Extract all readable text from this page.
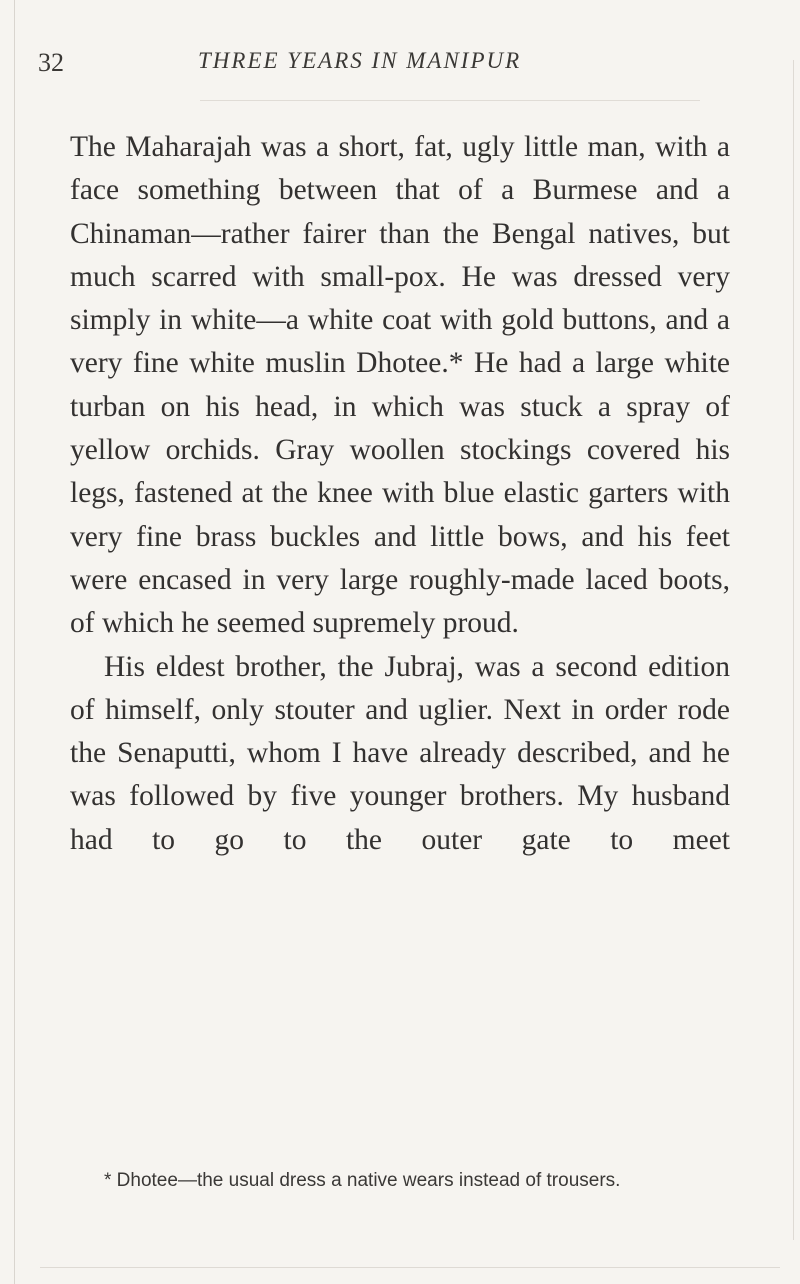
32	THREE YEARS IN MANIPUR

The Maharajah was a short, fat, ugly little man, with a face something between that of a Burmese and a Chinaman—rather fairer than the Bengal natives, but much scarred with small-pox. He was dressed very simply in white—a white coat with gold buttons, and a very fine white muslin Dhotee.* He had a large white turban on his head, in which was stuck a spray of yellow orchids. Gray woollen stockings covered his legs, fastened at the knee with blue elastic garters with very fine brass buckles and little bows, and his feet were encased in very large roughly-made laced boots, of which he seemed supremely proud.

His eldest brother, the Jubraj, was a second edition of himself, only stouter and uglier. Next in order rode the Senaputti, whom I have already described, and he was followed by five younger brothers. My husband had to go to the outer gate to meet

* Dhotee—the usual dress a native wears instead of trousers.
